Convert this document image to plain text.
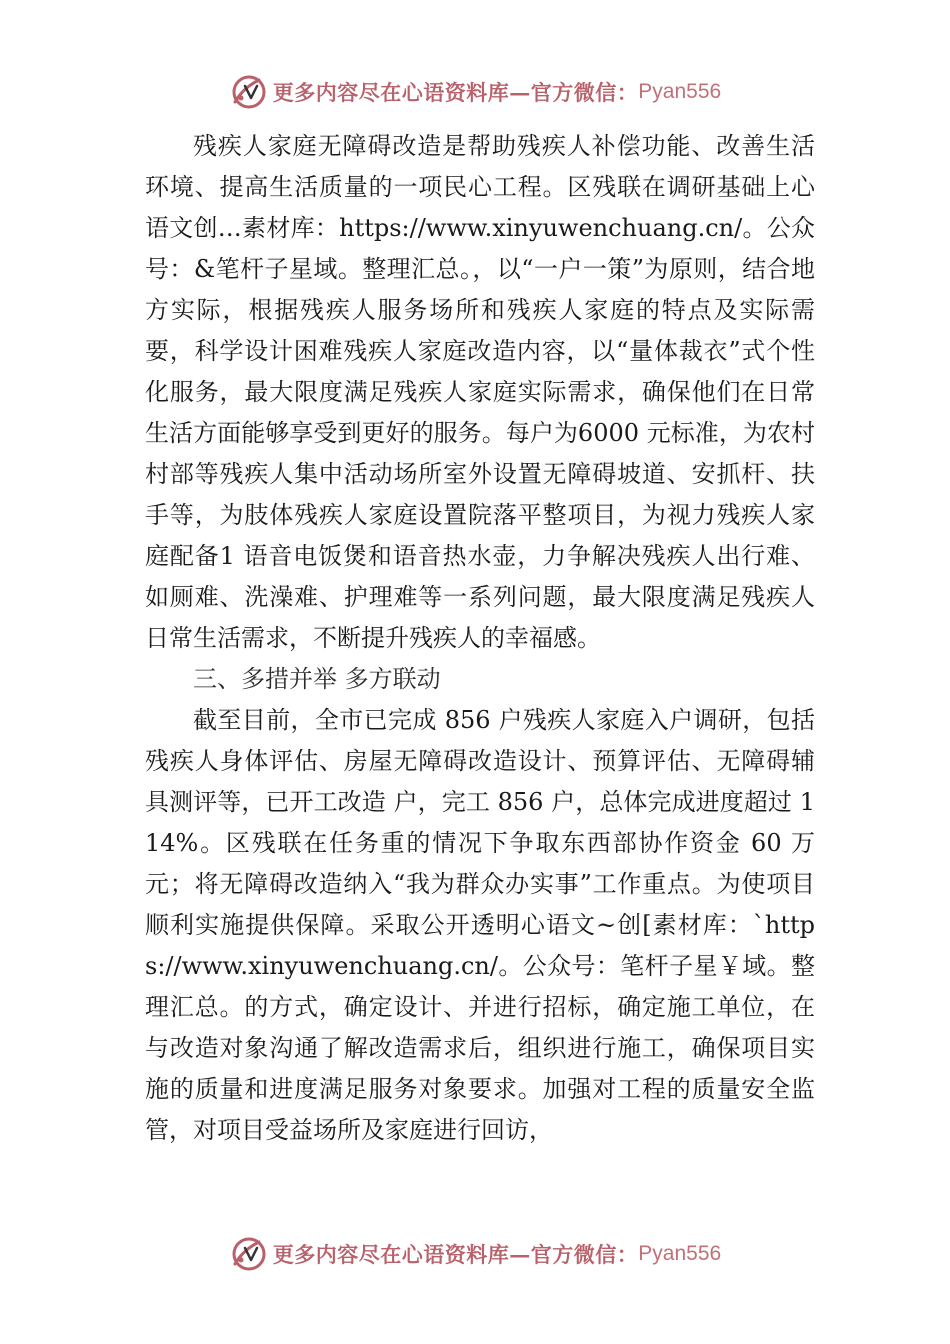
更多内容尽在心语资料库—官方微信： Pyan556

残疾人家庭无障碍改造是帮助残疾人补偿功能、改善生活环境、提高生活质量的一项民心工程。区残联在调研基础上心语文创…素材库：https://www.xinyuwenchuang.cn/。公众号：&笔杆子星域。整理汇总。，以“一户一策”为原则，结合地方实际，根据残疾人服务场所和残疾人家庭的特点及实际需要，科学设计困难残疾人家庭改造内容，以“量体裁衣”式个性化服务，最大限度满足残疾人家庭实际需求，确保他们在日常生活方面能够享受到更好的服务。每户为6000 元标准，为农村村部等残疾人集中活动场所室外设置无障碍坡道、安抓杆、扶手等，为肢体残疾人家庭设置院落平整项目，为视力残疾人家庭配备1 语音电饭煲和语音热水壶，力争解决残疾人出行难、如厕难、洗澡难、护理难等一系列问题，最大限度满足残疾人日常生活需求，不断提升残疾人的幸福感。

三、多措并举 多方联动

截至目前，全市已完成 856 户残疾人家庭入户调研，包括残疾人身体评估、房屋无障碍改造设计、预算评估、无障碍辅具测评等，已开工改造 户，完工 856 户，总体完成进度超过 114%。区残联在任务重的情况下争取东西部协作资金 60 万元；将无障碍改造纳入“我为群众办实事”工作重点。为使项目顺利实施提供保障。采取公开透明心语文~创[素材库：`https://www.xinyuwenchuang.cn/。公众号：笔杆子星￥域。整理汇总。的方式，确定设计、并进行招标，确定施工单位，在与改造对象沟通了解改造需求后，组织进行施工，确保项目实施的质量和进度满足服务对象要求。加强对工程的质量安全监管，对项目受益场所及家庭进行回访，

更多内容尽在心语资料库—官方微信： Pyan556
